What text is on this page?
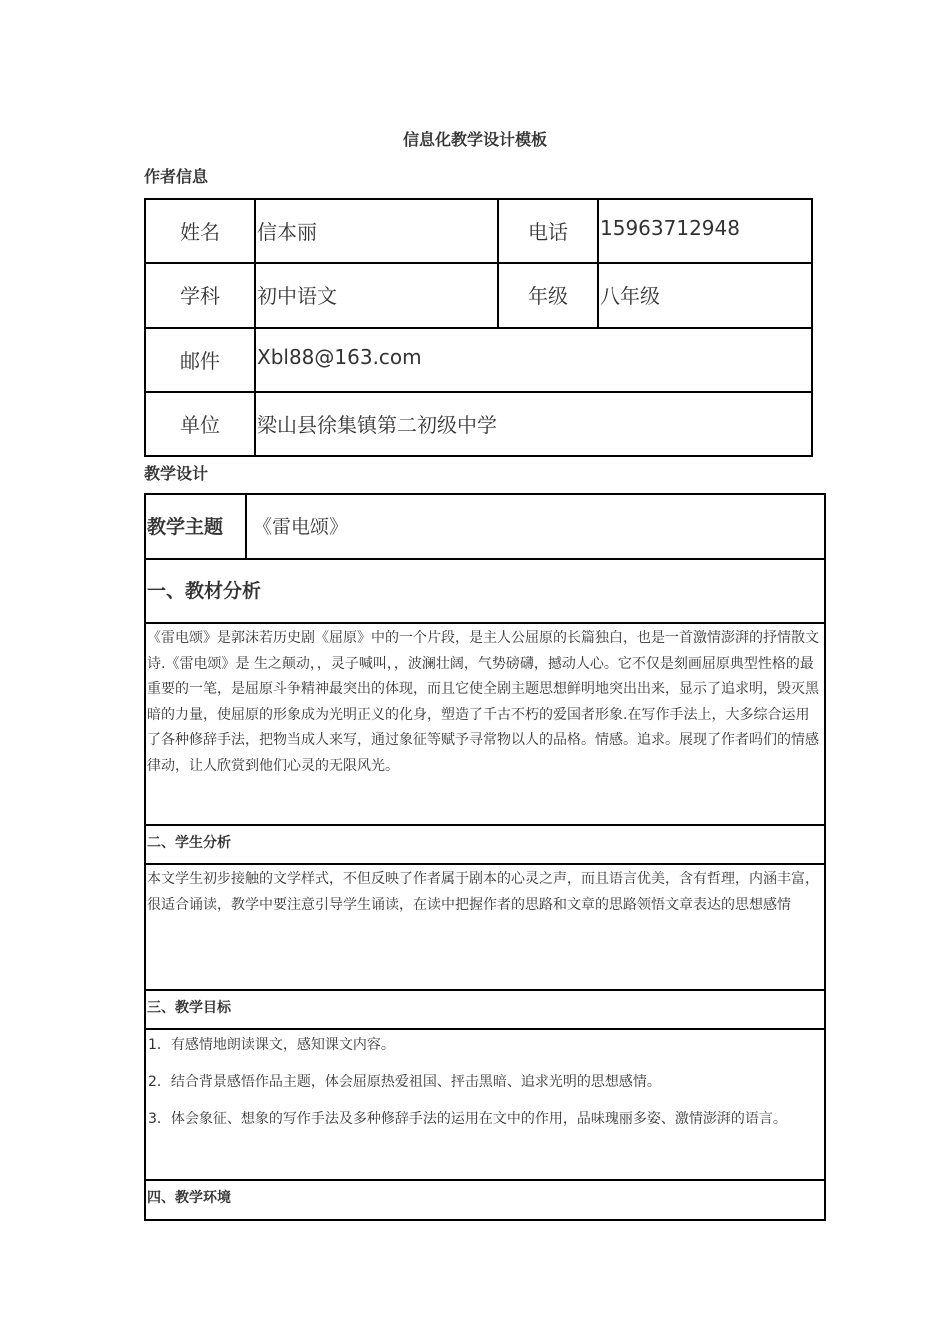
信息化教学设计模板
作者信息
姓名	信本丽	电话	15963712948
学科	初中语文	年级	八年级
邮件	Xbl88@163.com		
单位	梁山县徐集镇第二初级中学		
教学设计
教学主题	《雷电颂》
一、教材分析
《雷电颂》是郭沫若历史剧《屈原》中的一个片段，是主人公屈原的长篇独白，也是一首激情澎湃的抒情散文诗.《雷电颂》是 生之颠动，，灵子喊叫，，波澜壮阔，气势磅礴，撼动人心。它不仅是刻画屈原典型性格的最重要的一笔，是屈原斗争精神最突出的体现，而且它使全剧主题思想鲜明地突出出来，显示了追求明，毁灭黑暗的力量，使屈原的形象成为光明正义的化身，塑造了千古不朽的爱国者形象.在写作手法上，大多综合运用了各种修辞手法，把物当成人来写，通过象征等赋予寻常物以人的品格。情感。追求。展现了作者吗们的情感律动，让人欣赏到他们心灵的无限风光。
二、学生分析
本文学生初步接触的文学样式，不但反映了作者属于剧本的心灵之声，而且语言优美，含有哲理，内涵丰富，很适合诵读，教学中要注意引导学生诵读，在读中把握作者的思路和文章的思路领悟文章表达的思想感情
三、教学目标

1．有感情地朗读课文，感知课文内容。
2．结合背景感悟作品主题，体会屈原热爱祖国、抨击黑暗、追求光明的思想感情。
3．体会象征、想象的写作手法及多种修辞手法的运用在文中的作用，品味瑰丽多姿、激情澎湃的语言。

四、教学环境
